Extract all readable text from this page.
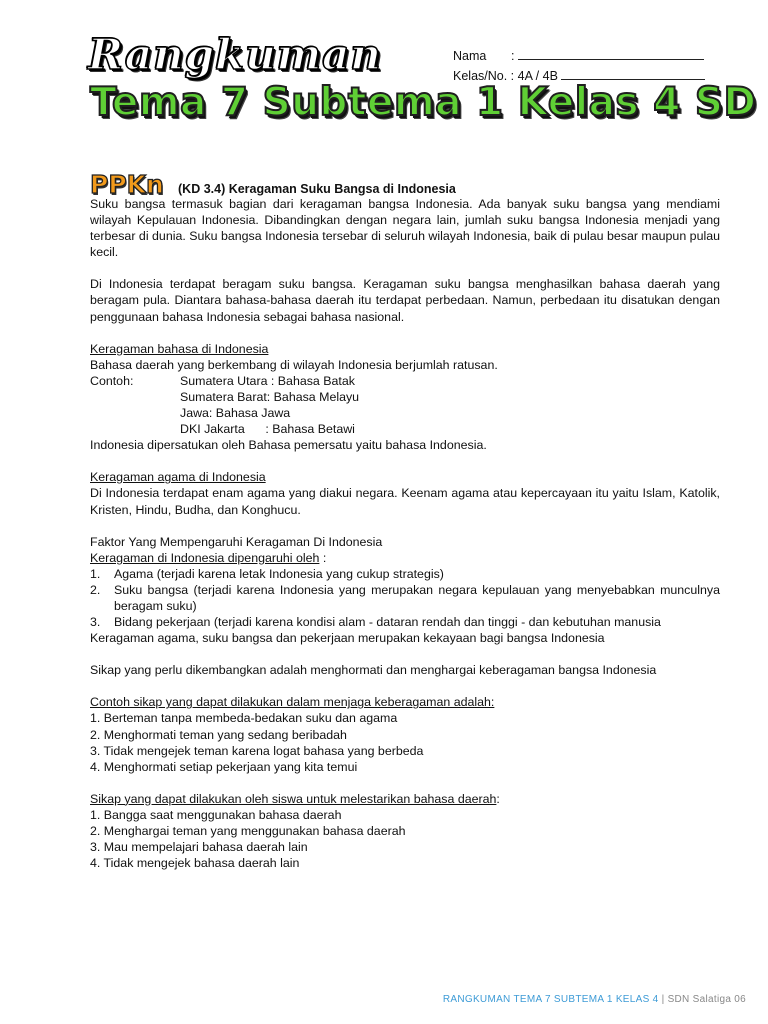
Rangkuman
Tema 7 Subtema 1 Kelas 4 SD
Nama :
Kelas/No. : 4A / 4B
PPKn (KD 3.4) Keragaman Suku Bangsa di Indonesia

Suku bangsa termasuk bagian dari keragaman bangsa Indonesia. Ada banyak suku bangsa yang mendiami wilayah Kepulauan Indonesia. Dibandingkan dengan negara lain, jumlah suku bangsa Indonesia menjadi yang terbesar di dunia. Suku bangsa Indonesia tersebar di seluruh wilayah Indonesia, baik di pulau besar maupun pulau kecil.

Di Indonesia terdapat beragam suku bangsa. Keragaman suku bangsa menghasilkan bahasa daerah yang beragam pula. Diantara bahasa-bahasa daerah itu terdapat perbedaan. Namun, perbedaan itu disatukan dengan penggunaan bahasa Indonesia sebagai bahasa nasional.

Keragaman bahasa di Indonesia

Bahasa daerah yang berkembang di wilayah Indonesia berjumlah ratusan.

Contoh:	Sumatera Utara : Bahasa Batak
Sumatera Barat: Bahasa Melayu
Jawa: Bahasa Jawa
DKI Jakarta      : Bahasa Betawi

Indonesia dipersatukan oleh Bahasa pemersatu yaitu bahasa Indonesia.

Keragaman agama di Indonesia

Di Indonesia terdapat enam agama yang diakui negara. Keenam agama atau kepercayaan itu yaitu Islam, Katolik, Kristen, Hindu, Budha, dan Konghucu.

Faktor Yang Mempengaruhi Keragaman Di Indonesia

Keragaman di Indonesia dipengaruhi oleh :

1.	Agama (terjadi karena letak Indonesia yang cukup strategis)
2.	Suku bangsa (terjadi karena Indonesia yang merupakan negara kepulauan yang menyebabkan munculnya beragam suku)
3.	Bidang pekerjaan (terjadi karena kondisi alam - dataran rendah dan tinggi - dan kebutuhan manusia

Keragaman agama, suku bangsa dan pekerjaan merupakan kekayaan bagi bangsa Indonesia

Sikap yang perlu dikembangkan adalah menghormati dan menghargai keberagaman bangsa Indonesia

Contoh sikap yang dapat dilakukan dalam menjaga keberagaman adalah:

1. Berteman tanpa membeda-bedakan suku dan agama

2. Menghormati teman yang sedang beribadah

3. Tidak mengejek teman karena logat bahasa yang berbeda

4. Menghormati setiap pekerjaan yang kita temui

Sikap yang dapat dilakukan oleh siswa untuk melestarikan bahasa daerah:

1. Bangga saat menggunakan bahasa daerah

2. Menghargai teman yang menggunakan bahasa daerah

3. Mau mempelajari bahasa daerah lain

4. Tidak mengejek bahasa daerah lain

RANGKUMAN TEMA 7 SUBTEMA 1 KELAS 4 | SDN Salatiga 06
